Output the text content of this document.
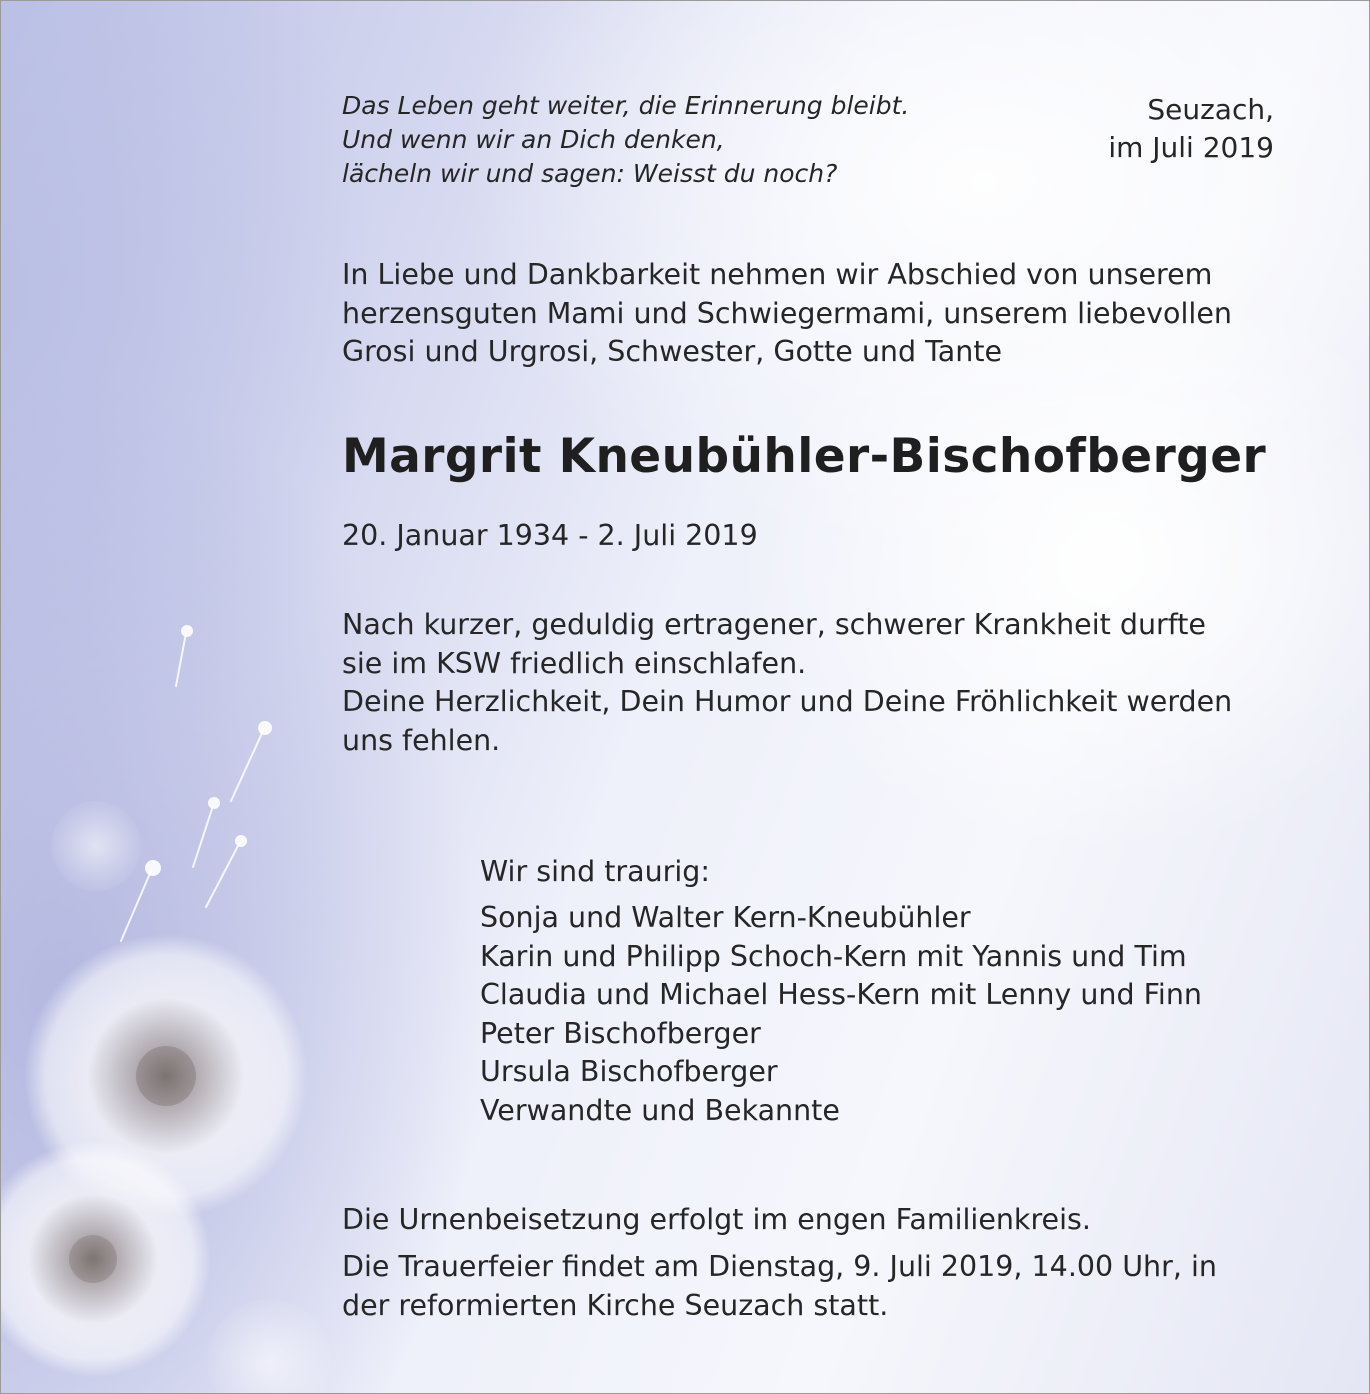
Das Leben geht weiter, die Erinnerung bleibt.
Und wenn wir an Dich denken,
lächeln wir und sagen: Weisst du noch?
Seuzach,
im Juli 2019
In Liebe und Dankbarkeit nehmen wir Abschied von unserem
herzensguten Mami und Schwiegermami, unserem liebevollen
Grosi und Urgrosi, Schwester, Gotte und Tante
Margrit Kneubühler-Bischofberger
20. Januar 1934 - 2. Juli 2019
Nach kurzer, geduldig ertragener, schwerer Krankheit durfte
sie im KSW friedlich einschlafen.
Deine Herzlichkeit, Dein Humor und Deine Fröhlichkeit werden
uns fehlen.
Wir sind traurig:
Sonja und Walter Kern-Kneubühler
Karin und Philipp Schoch-Kern mit Yannis und Tim
Claudia und Michael Hess-Kern mit Lenny und Finn
Peter Bischofberger
Ursula Bischofberger
Verwandte und Bekannte
Die Urnenbeisetzung erfolgt im engen Familienkreis.
Die Trauerfeier findet am Dienstag, 9. Juli 2019, 14.00 Uhr, in
der reformierten Kirche Seuzach statt.
